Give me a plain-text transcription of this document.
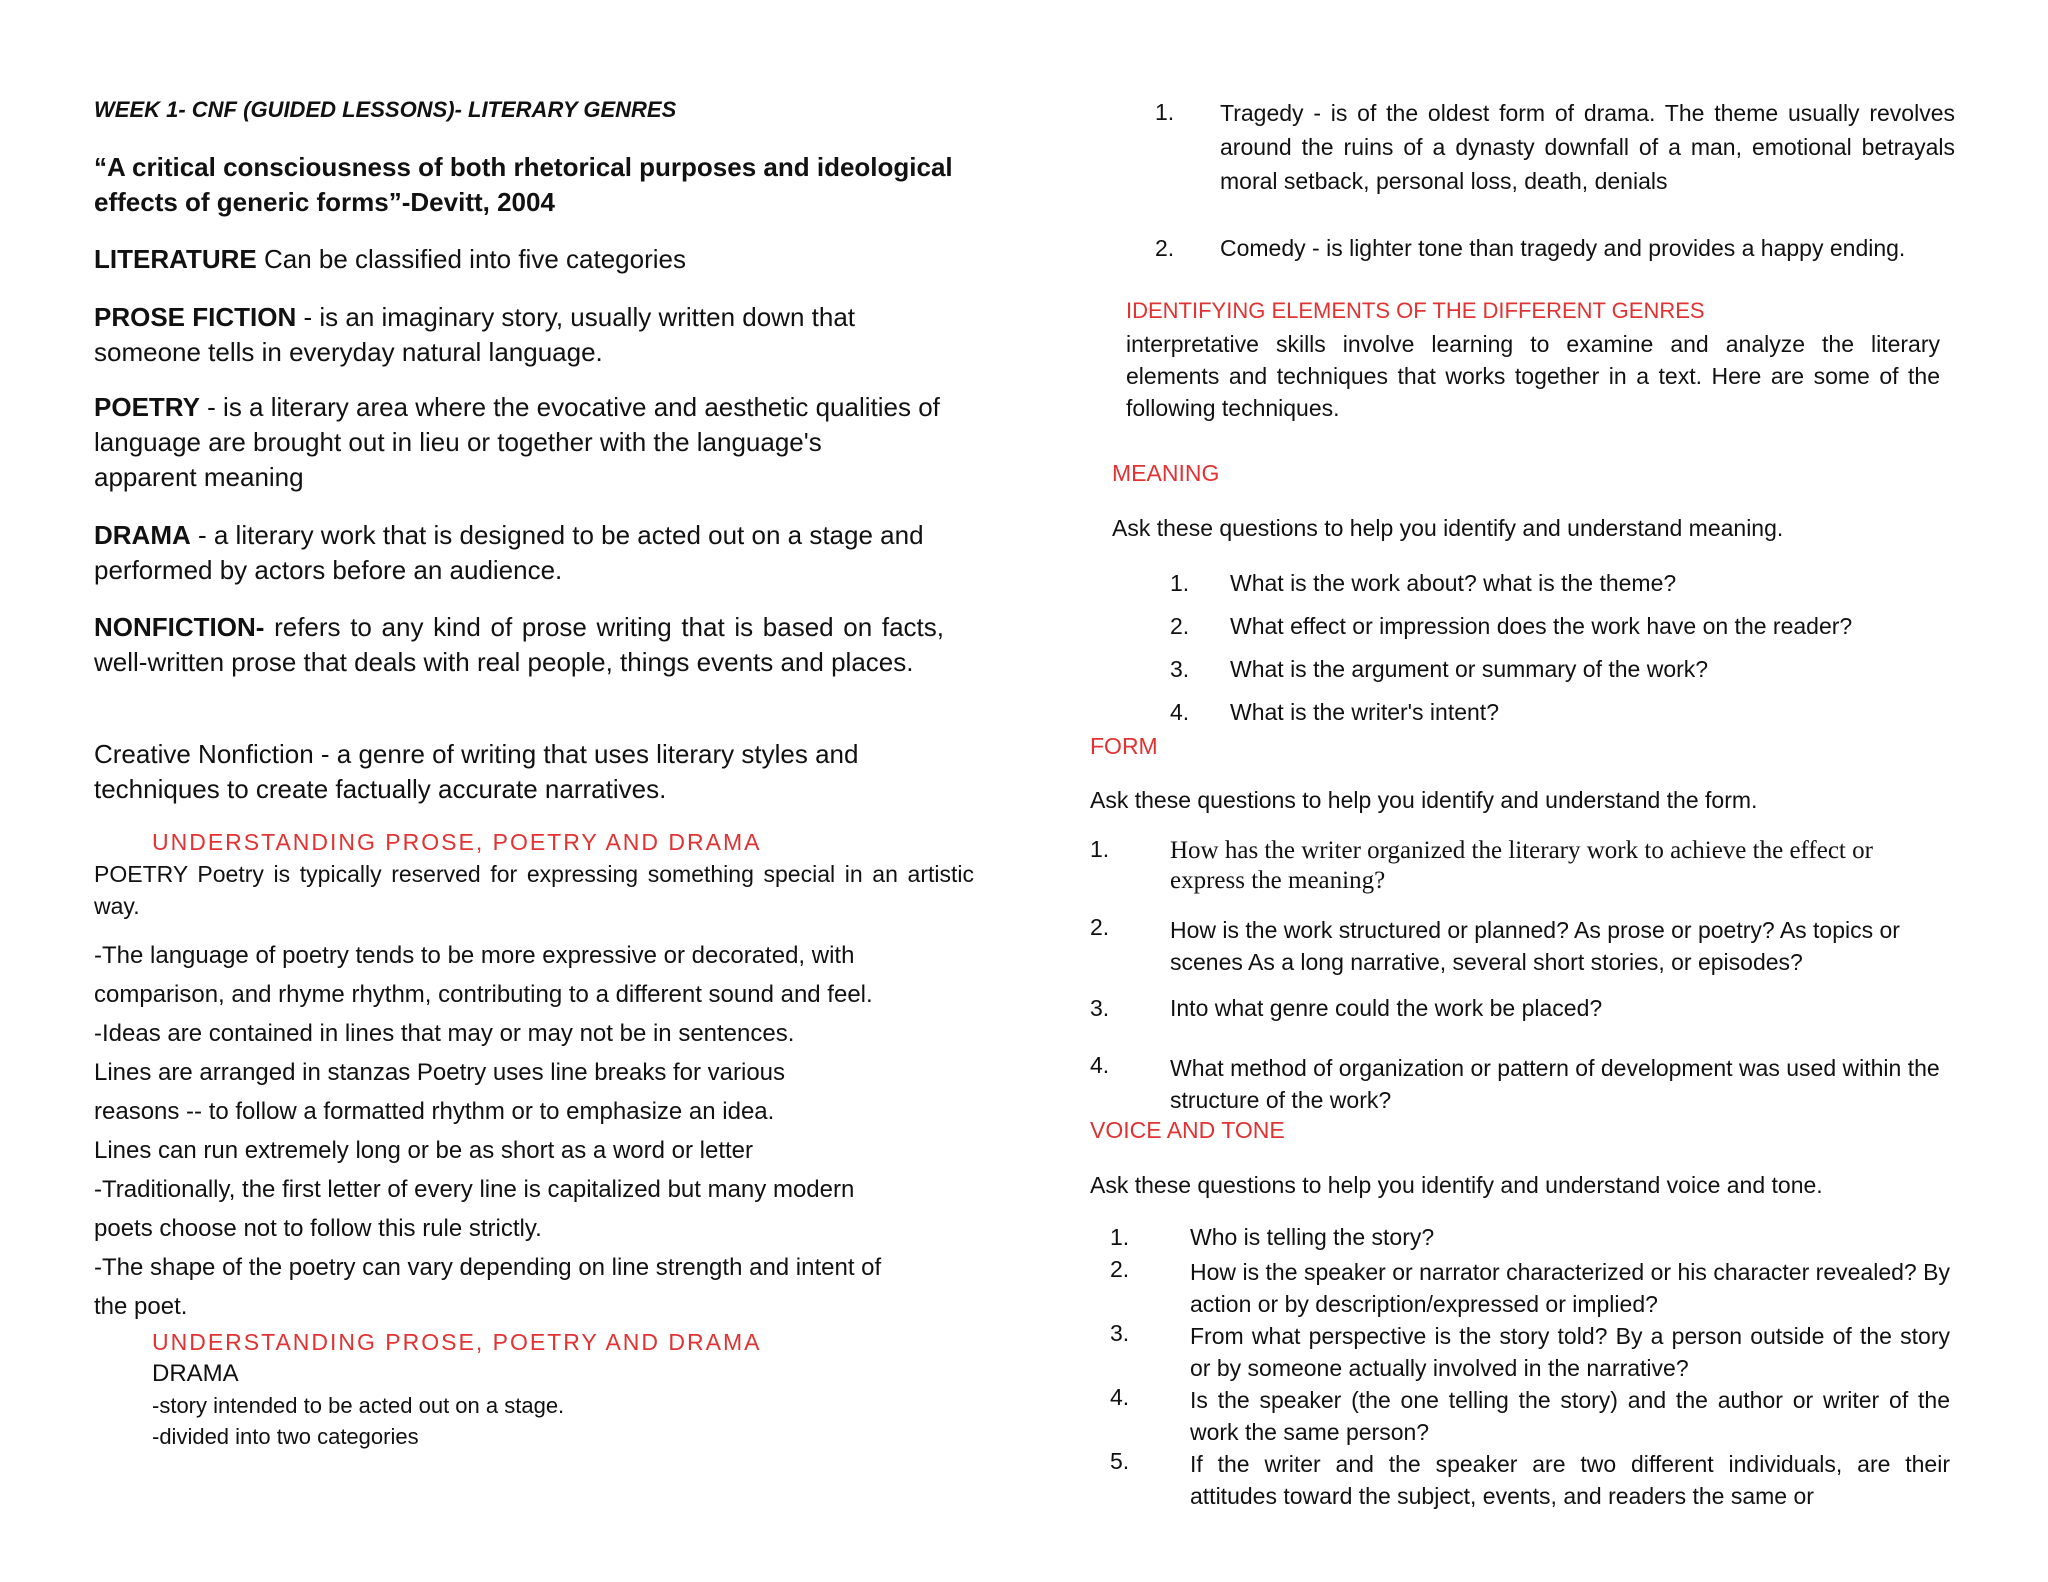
WEEK 1- CNF (GUIDED LESSONS)- LITERARY GENRES
“A critical consciousness of both rhetorical purposes and ideological
effects of generic forms”-Devitt, 2004
LITERATURE Can be classified into five categories
PROSE FICTION - is an imaginary story, usually written down that
someone tells in everyday natural language.
POETRY - is a literary area where the evocative and aesthetic qualities of
language are brought out in lieu or together with the language's
apparent meaning
DRAMA - a literary work that is designed to be acted out on a stage and
performed by actors before an audience.
NONFICTION- refers to any kind of prose writing that is based on facts, well-written prose that deals with real people, things events and places.
Creative Nonfiction - a genre of writing that uses literary styles and
techniques to create factually accurate narratives.
UNDERSTANDING PROSE, POETRY AND DRAMA
POETRY Poetry is typically reserved for expressing something special in an artistic way.
-The language of poetry tends to be more expressive or decorated, with
comparison, and rhyme rhythm, contributing to a different sound and feel.
-Ideas are contained in lines that may or may not be in sentences.
Lines are arranged in stanzas Poetry uses line breaks for various
reasons -- to follow a formatted rhythm or to emphasize an idea.
Lines can run extremely long or be as short as a word or letter
-Traditionally, the first letter of every line is capitalized but many modern
poets choose not to follow this rule strictly.
-The shape of the poetry can vary depending on line strength and intent of
the poet.
UNDERSTANDING PROSE, POETRY AND DRAMA
DRAMA
-story intended to be acted out on a stage.
-divided into two categories
1. Tragedy - is of the oldest form of drama. The theme usually revolves around the ruins of a dynasty downfall of a man, emotional betrayals moral setback, personal loss, death, denials
2. Comedy - is lighter tone than tragedy and provides a happy ending.
IDENTIFYING ELEMENTS OF THE DIFFERENT GENRES
interpretative skills involve learning to examine and analyze the literary elements and techniques that works together in a text. Here are some of the following techniques.
MEANING
Ask these questions to help you identify and understand meaning.
1. What is the work about? what is the theme?
2. What effect or impression does the work have on the reader?
3. What is the argument or summary of the work?
4. What is the writer's intent?
FORM
Ask these questions to help you identify and understand the form.
1. How has the writer organized the literary work to achieve the effect or express the meaning?
2.	How is the work structured or planned? As prose or poetry? As topics or scenes As a long narrative, several short stories, or episodes?
3.	Into what genre could the work be placed?
4.	What method of organization or pattern of development was used within the structure of the work?
VOICE AND TONE
Ask these questions to help you identify and understand voice and tone.
1.	Who is telling the story?
2.	How is the speaker or narrator characterized or his character revealed? By action or by description/expressed or implied?
3.	From what perspective is the story told? By a person outside of the story or by someone actually involved in the narrative?
4.	Is the speaker (the one telling the story) and the author or writer of the work the same person?
5.	If the writer and the speaker are two different individuals, are their attitudes toward the subject, events, and readers the same or
